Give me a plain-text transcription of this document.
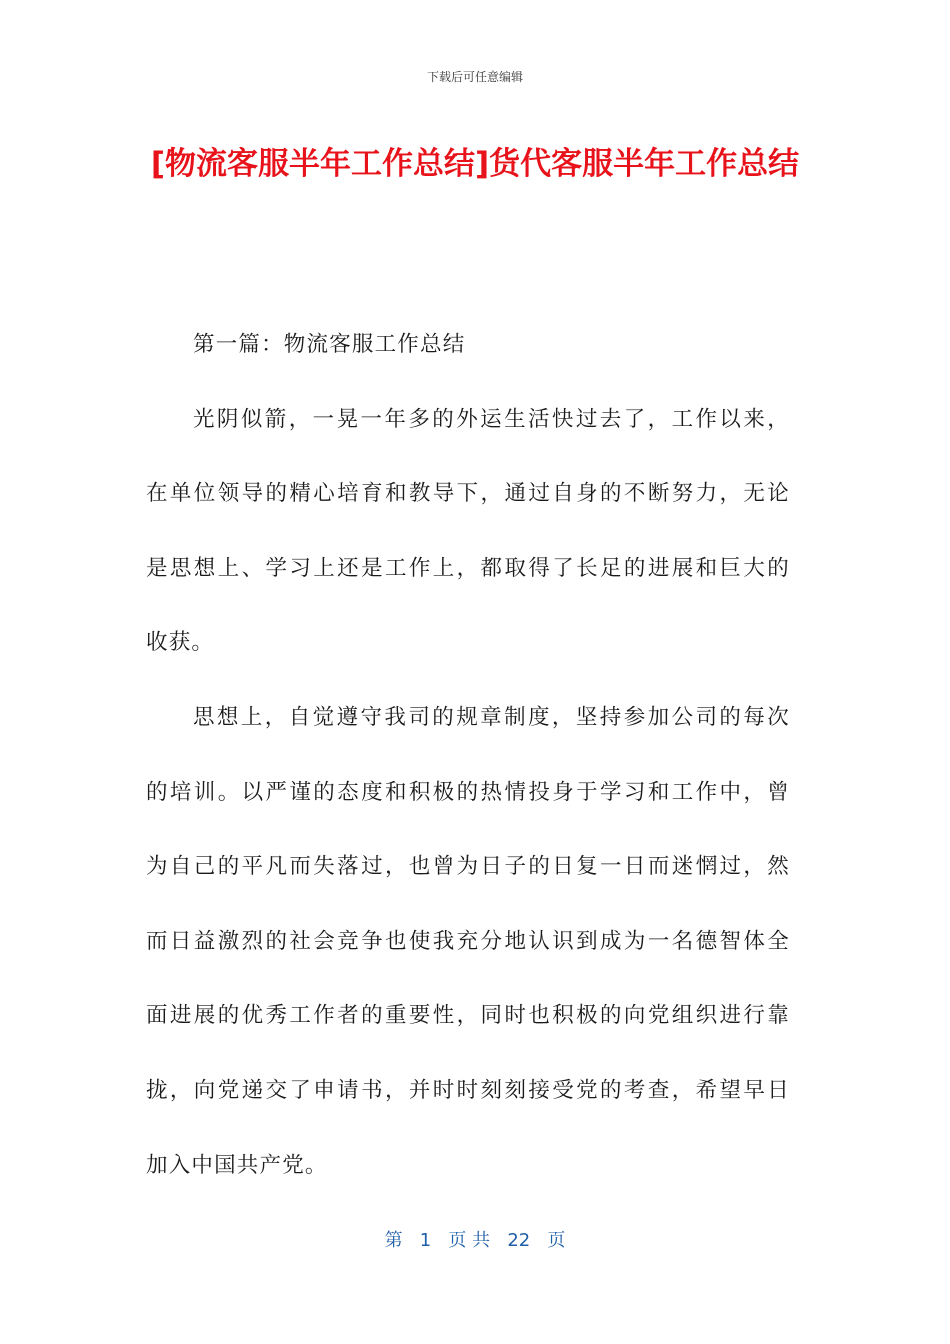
下载后可任意编辑
[物流客服半年工作总结]货代客服半年工作总结
第一篇：物流客服工作总结
光阴似箭，一晃一年多的外运生活快过去了，工作以来，
在单位领导的精心培育和教导下，通过自身的不断努力，无论
是思想上、学习上还是工作上，都取得了长足的进展和巨大的
收获。
思想上，自觉遵守我司的规章制度，坚持参加公司的每次
的培训。以严谨的态度和积极的热情投身于学习和工作中，曾
为自己的平凡而失落过，也曾为日子的日复一日而迷惘过，然
而日益激烈的社会竞争也使我充分地认识到成为一名德智体全
面进展的优秀工作者的重要性，同时也积极的向党组织进行靠
拢，向党递交了申请书，并时时刻刻接受党的考查，希望早日
加入中国共产党。
第 1 页 共 22 页
